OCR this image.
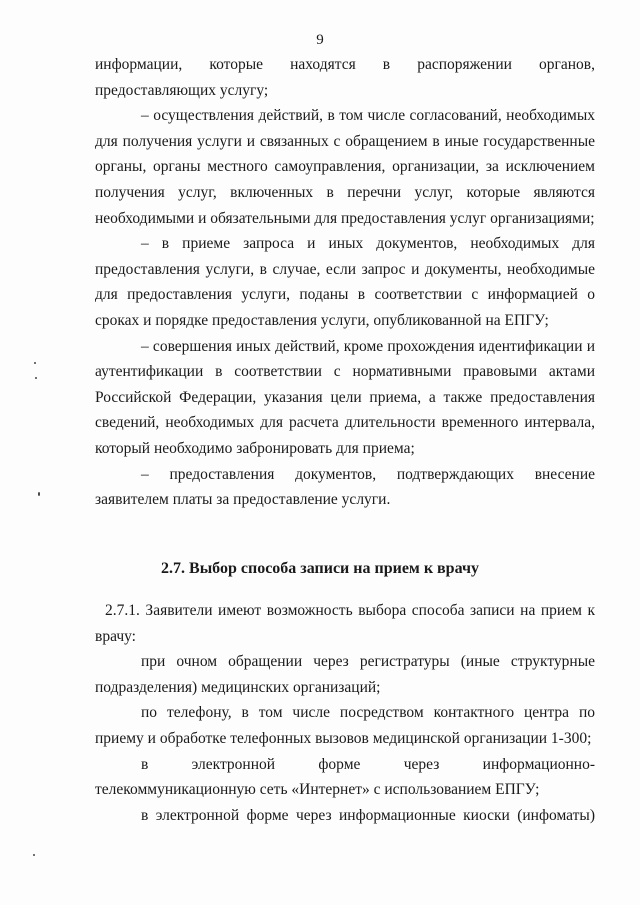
9

информации, которые находятся в распоряжении органов, предоставляющих услугу;

– осуществления действий, в том числе согласований, необходимых для получения услуги и связанных с обращением в иные государственные органы, органы местного самоуправления, организации, за исключением получения услуг, включенных в перечни услуг, которые являются необходимыми и обязательными для предоставления услуг организациями;

– в приеме запроса и иных документов, необходимых для предоставления услуги, в случае, если запрос и документы, необходимые для предоставления услуги, поданы в соответствии с информацией о сроках и порядке предоставления услуги, опубликованной на ЕПГУ;

– совершения иных действий, кроме прохождения идентификации и аутентификации в соответствии с нормативными правовыми актами Российской Федерации, указания цели приема, а также предоставления сведений, необходимых для расчета длительности временного интервала, который необходимо забронировать для приема;

– предоставления документов, подтверждающих внесение заявителем платы за предоставление услуги.

2.7. Выбор способа записи на прием к врачу

2.7.1. Заявители имеют возможность выбора способа записи на прием к врачу:

при очном обращении через регистратуры (иные структурные подразделения) медицинских организаций;

по телефону, в том числе посредством контактного центра по приему и обработке телефонных вызовов медицинской организации 1-300;

в электронной форме через информационно-телекоммуникационную сеть «Интернет» с использованием ЕПГУ;

в электронной форме через информационные киоски (инфоматы)
